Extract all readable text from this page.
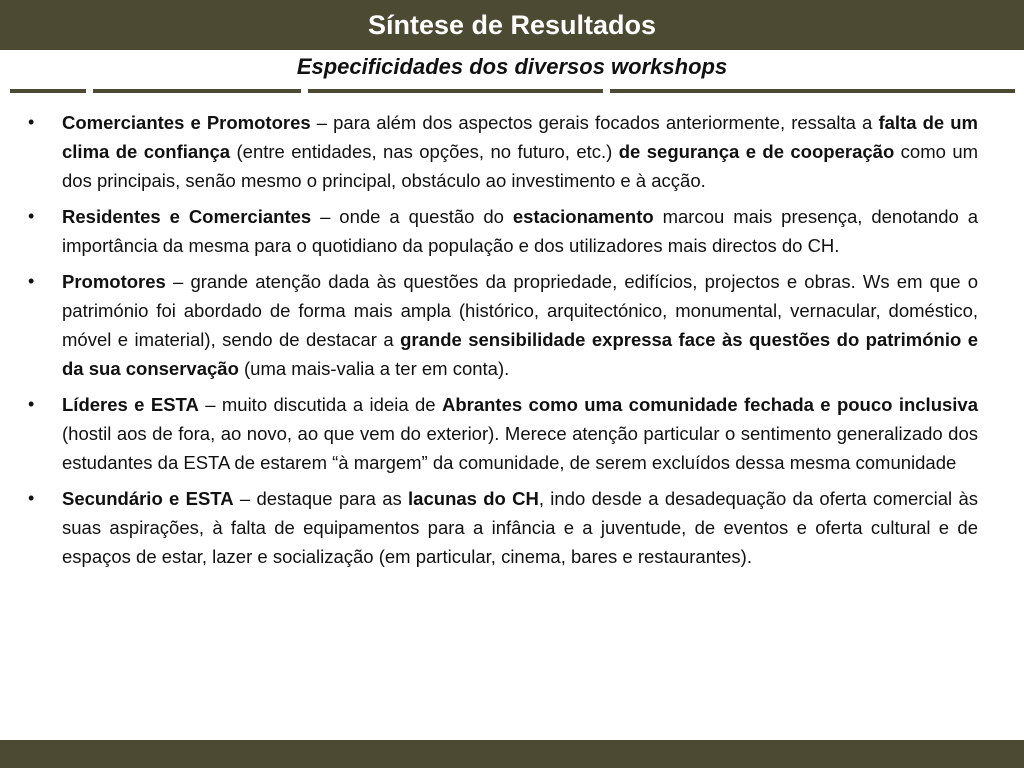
Síntese de Resultados
Especificidades dos diversos workshops
• Comerciantes e Promotores – para além dos aspectos gerais focados anteriormente, ressalta a falta de um clima de confiança (entre entidades, nas opções, no futuro, etc.) de segurança e de cooperação como um dos principais, senão mesmo o principal, obstáculo ao investimento e à acção.
• Residentes e Comerciantes – onde a questão do estacionamento marcou mais presença, denotando a importância da mesma para o quotidiano da população e dos utilizadores mais directos do CH.
• Promotores – grande atenção dada às questões da propriedade, edifícios, projectos e obras. Ws em que o património foi abordado de forma mais ampla (histórico, arquitectónico, monumental, vernacular, doméstico, móvel e imaterial), sendo de destacar a grande sensibilidade expressa face às questões do património e da sua conservação (uma mais-valia a ter em conta).
• Líderes e ESTA – muito discutida a ideia de Abrantes como uma comunidade fechada e pouco inclusiva (hostil aos de fora, ao novo, ao que vem do exterior). Merece atenção particular o sentimento generalizado dos estudantes da ESTA de estarem “à margem” da comunidade, de serem excluídos dessa mesma comunidade
• Secundário e ESTA – destaque para as lacunas do CH, indo desde a desadequação da oferta comercial às suas aspirações, à falta de equipamentos para a infância e a juventude, de eventos e oferta cultural e de espaços de estar, lazer e socialização (em particular, cinema, bares e restaurantes).
